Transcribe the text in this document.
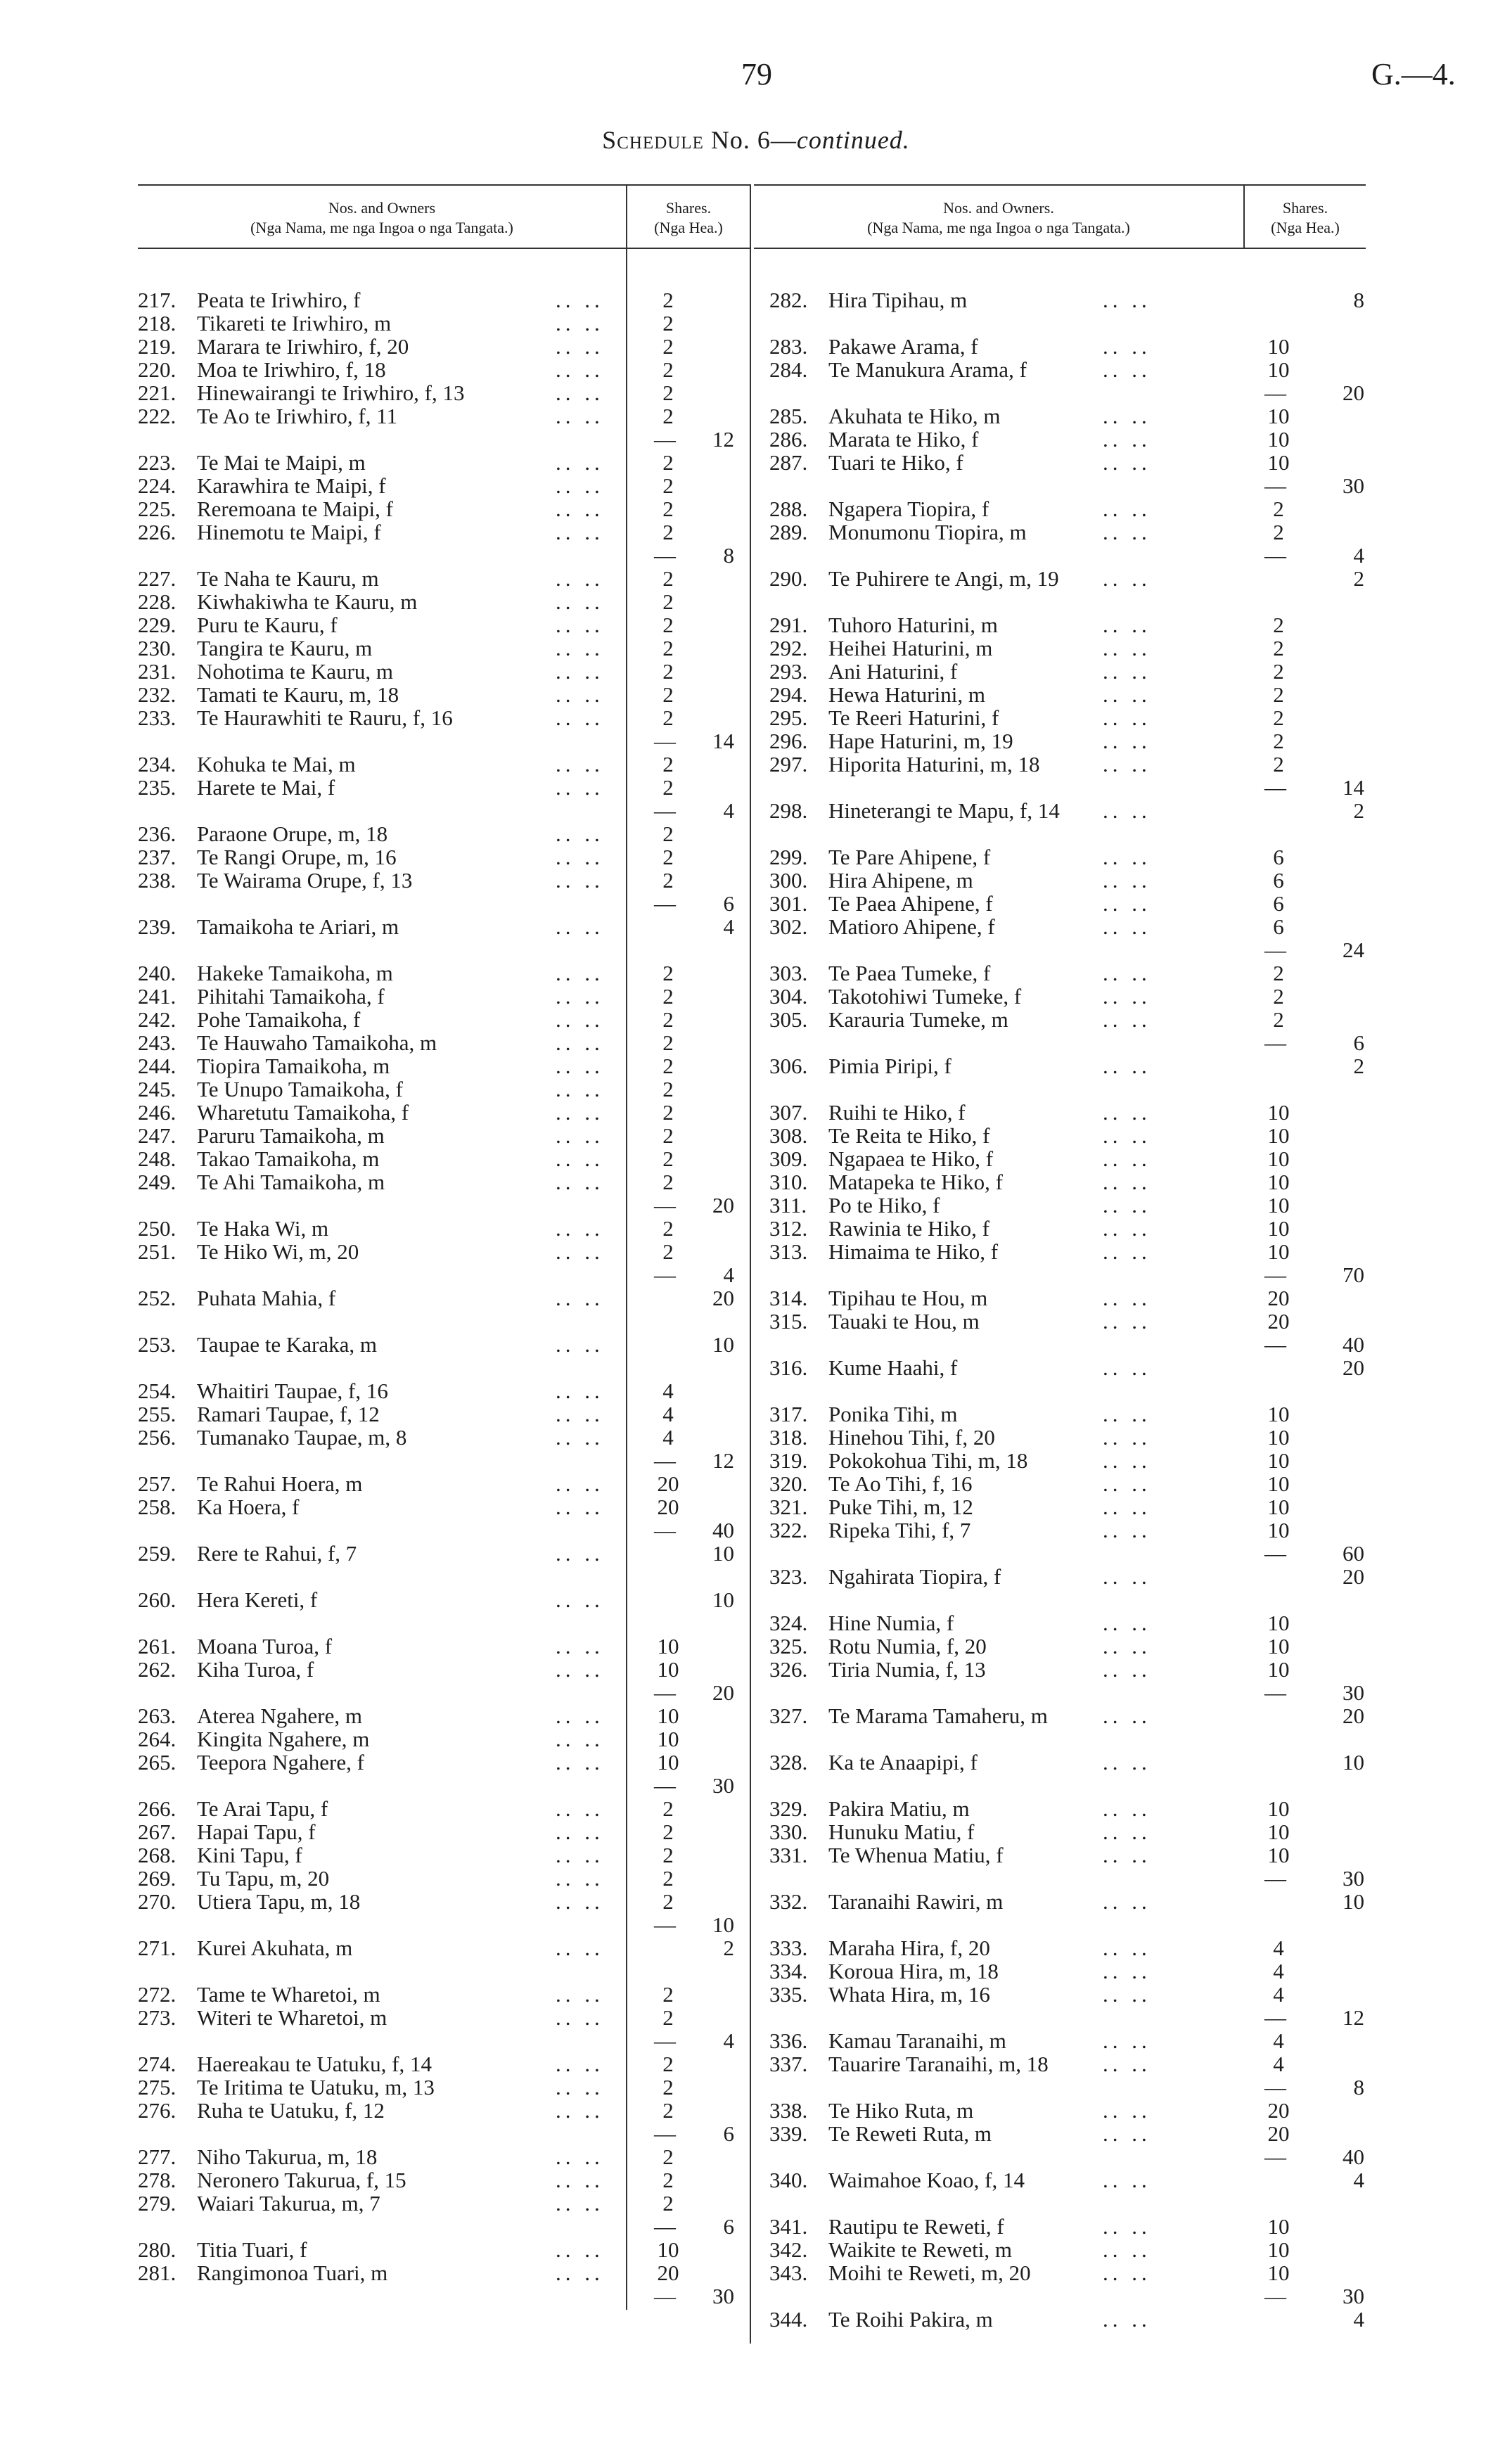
79	G.—4.
Schedule No. 6—continued.
Nos. and Owners
(Nga Nama, me nga Ingoa o nga Tangata.)
Shares.
(Nga Hea.)
Nos. and Owners.
(Nga Nama, me nga Ingoa o nga Tangata.)
Shares.
(Nga Hea.)
217. Peata te Iriwhiro, f	.. ..	2
218. Tikareti te Iriwhiro, m	.. ..	2
219. Marara te Iriwhiro, f, 20	.. ..	2
220. Moa te Iriwhiro, f, 18	.. ..	2
221. Hinewairangi te Iriwhiro, f, 13	.. ..	2
222. Te Ao te Iriwhiro, f, 11	.. ..	2
—	12
223. Te Mai te Maipi, m	.. ..	2
224. Karawhira te Maipi, f	.. ..	2
225. Reremoana te Maipi, f	.. ..	2
226. Hinemotu te Maipi, f	.. ..	2
—	8
227. Te Naha te Kauru, m	.. ..	2
228. Kiwhakiwha te Kauru, m	.. ..	2
229. Puru te Kauru, f	.. ..	2
230. Tangira te Kauru, m	.. ..	2
231. Nohotima te Kauru, m	.. ..	2
232. Tamati te Kauru, m, 18	.. ..	2
233. Te Haurawhiti te Rauru, f, 16	.. ..	2
—	14
234. Kohuka te Mai, m	.. ..	2
235. Harete te Mai, f	.. ..	2
—	4
236. Paraone Orupe, m, 18	.. ..	2
237. Te Rangi Orupe, m, 16	.. ..	2
238. Te Wairama Orupe, f, 13	.. ..	2
—	6
239. Tamaikoha te Ariari, m	.. ..	4
240. Hakeke Tamaikoha, m	.. ..	2
241. Pihitahi Tamaikoha, f	.. ..	2
242. Pohe Tamaikoha, f	.. ..	2
243. Te Hauwaho Tamaikoha, m	.. ..	2
244. Tiopira Tamaikoha, m	.. ..	2
245. Te Unupo Tamaikoha, f	.. ..	2
246. Wharetutu Tamaikoha, f	.. ..	2
247. Paruru Tamaikoha, m	.. ..	2
248. Takao Tamaikoha, m	.. ..	2
249. Te Ahi Tamaikoha, m	.. ..	2
—	20
250. Te Haka Wi, m	.. ..	2
251. Te Hiko Wi, m, 20	.. ..	2
—	4
252. Puhata Mahia, f	.. ..	20
253. Taupae te Karaka, m	.. ..	10
254. Whaitiri Taupae, f, 16	.. ..	4
255. Ramari Taupae, f, 12	.. ..	4
256. Tumanako Taupae, m, 8	.. ..	4
—	12
257. Te Rahui Hoera, m	.. .. 20
258. Ka Hoera, f	.. .. 20
—	40
259. Rere te Rahui, f, 7	.. ..	10
260. Hera Kereti, f	.. ..	10
261. Moana Turoa, f	.. .. 10
262. Kiha Turoa, f	.. .. 10
—	20
263. Aterea Ngahere, m	.. .. 10
264. Kingita Ngahere, m	.. .. 10
265. Teepora Ngahere, f	.. .. 10
—	30
266. Te Arai Tapu, f	.. ..	2
267. Hapai Tapu, f	.. ..	2
268. Kini Tapu, f	.. ..	2
269. Tu Tapu, m, 20	.. ..	2
270. Utiera Tapu, m, 18	.. ..	2
—	10
271. Kurei Akuhata, m	.. ..	2
272. Tame te Wharetoi, m	.. ..	2
273. Witeri te Wharetoi, m	.. ..	2
—	4
274. Haereakau te Uatuku, f, 14	.. ..	2
275. Te Iritima te Uatuku, m, 13	.. ..	2
276. Ruha te Uatuku, f, 12	.. ..	2
—	6
277. Niho Takurua, m, 18	.. ..	2
278. Neronero Takurua, f, 15	.. ..	2
279. Waiari Takurua, m, 7	.. ..	2
—	6
280. Titia Tuari, f	.. .. 10
281. Rangimonoa Tuari, m	.. .. 20
—	30
282. Hira Tipihau, m	.. ..	8
283. Pakawe Arama, f	.. ..	10
284. Te Manukura Arama, f	.. ..	10
—	20
285. Akuhata te Hiko, m	.. ..	10
286. Marata te Hiko, f	.. ..	10
287. Tuari te Hiko, f	.. ..	10
—	30
288. Ngapera Tiopira, f	.. ..	2
289. Monumonu Tiopira, m	.. ..	2
—	4
290. Te Puhirere te Angi, m, 19 .. ..	2
291. Tuhoro Haturini, m	.. ..	2
292. Heihei Haturini, m	.. ..	2
293. Ani Haturini, f	.. ..	2
294. Hewa Haturini, m	.. ..	2
295. Te Reeri Haturini, f	.. ..	2
296. Hape Haturini, m, 19	.. ..	2
297. Hiporita Haturini, m, 18	.. ..	2
—	14
298. Hineterangi te Mapu, f, 14 .. ..	2
299. Te Pare Ahipene, f	.. ..	6
300. Hira Ahipene, m	.. ..	6
301. Te Paea Ahipene, f	.. ..	6
302. Matioro Ahipene, f	.. ..	6
—	24
303. Te Paea Tumeke, f	.. ..	2
304. Takotohiwi Tumeke, f	.. ..	2
305. Karauria Tumeke, m	.. ..	2
—	6
306. Pimia Piripi, f	.. ..	2
307. Ruihi te Hiko, f	.. ..	10
308. Te Reita te Hiko, f	.. ..	10
309. Ngapaea te Hiko, f	.. ..	10
310. Matapeka te Hiko, f	.. ..	10
311. Po te Hiko, f	.. ..	10
312. Rawinia te Hiko, f	.. ..	10
313. Himaima te Hiko, f	.. ..	10
—	70
314. Tipihau te Hou, m	.. ..	20
315. Tauaki te Hou, m	.. ..	20
—	40
316. Kume Haahi, f	.. ..	20
317. Ponika Tihi, m	.. ..	10
318. Hinehou Tihi, f, 20	.. ..	10
319. Pokokohua Tihi, m, 18	.. ..	10
320. Te Ao Tihi, f, 16	.. ..	10
321. Puke Tihi, m, 12	.. ..	10
322. Ripeka Tihi, f, 7	.. ..	10
—	60
323. Ngahirata Tiopira, f	.. ..	20
324. Hine Numia, f	.. ..	10
325. Rotu Numia, f, 20	.. ..	10
326. Tiria Numia, f, 13	.. ..	10
—	30
327. Te Marama Tamaheru, m	.. ..	20
328. Ka te Anaapipi, f	.. ..	10
329. Pakira Matiu, m	.. ..	10
330. Hunuku Matiu, f	.. ..	10
331. Te Whenua Matiu, f	.. ..	10
—	30
332. Taranaihi Rawiri, m	.. ..	10
333. Maraha Hira, f, 20	.. ..	4
334. Koroua Hira, m, 18	.. ..	4
335. Whata Hira, m, 16	.. ..	4
—	12
336. Kamau Taranaihi, m	.. ..	4
337. Tauarire Taranaihi, m, 18 .. ..	4
—	8
338. Te Hiko Ruta, m	.. ..	20
339. Te Reweti Ruta, m	.. ..	20
—	40
340. Waimahoe Koao, f, 14	.. ..	4
341. Rautipu te Reweti, f	.. ..	10
342. Waikite te Reweti, m	.. ..	10
343. Moihi te Reweti, m, 20	.. ..	10
—	30
344. Te Roihi Pakira, m	.. ..	4
